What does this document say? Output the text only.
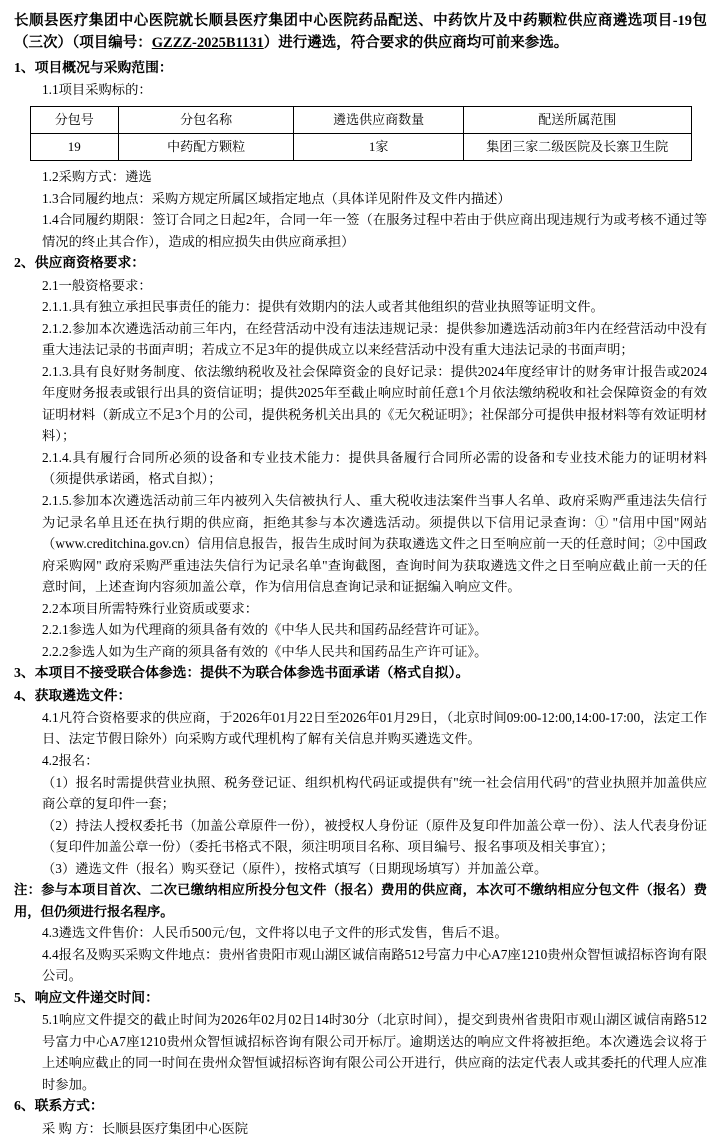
长顺县医疗集团中心医院就长顺县医疗集团中心医院药品配送、中药饮片及中药颗粒供应商遴选项目-19包（三次）（项目编号：GZZZ-2025B1131）进行遴选，符合要求的供应商均可前来参选。

1、项目概况与采购范围：

1.1项目采购标的：

分包号	分包名称	遴选供应商数量	配送所属范围
19	中药配方颗粒	1家	集团三家二级医院及长寨卫生院

1.2采购方式：遴选

1.3合同履约地点：采购方规定所属区域指定地点（具体详见附件及文件内描述）

1.4合同履约期限：签订合同之日起2年，合同一年一签（在服务过程中若由于供应商出现违规行为或考核不通过等情况的终止其合作），造成的相应损失由供应商承担）

2、供应商资格要求：

2.1一般资格要求：

2.1.1.具有独立承担民事责任的能力：提供有效期内的法人或者其他组织的营业执照等证明文件。

2.1.2.参加本次遴选活动前三年内，在经营活动中没有违法违规记录：提供参加遴选活动前3年内在经营活动中没有重大违法记录的书面声明；若成立不足3年的提供成立以来经营活动中没有重大违法记录的书面声明；

2.1.3.具有良好财务制度、依法缴纳税收及社会保障资金的良好记录：提供2024年度经审计的财务审计报告或2024年度财务报表或银行出具的资信证明；提供2025年至截止响应时前任意1个月依法缴纳税收和社会保障资金的有效证明材料（新成立不足3个月的公司，提供税务机关出具的《无欠税证明》；社保部分可提供申报材料等有效证明材料）；

2.1.4.具有履行合同所必须的设备和专业技术能力：提供具备履行合同所必需的设备和专业技术能力的证明材料（须提供承诺函，格式自拟）；

2.1.5.参加本次遴选活动前三年内被列入失信被执行人、重大税收违法案件当事人名单、政府采购严重违法失信行为记录名单且还在执行期的供应商，拒绝其参与本次遴选活动。须提供以下信用记录查询：① "信用中国"网站（www.creditchina.gov.cn）信用信息报告，报告生成时间为获取遴选文件之日至响应前一天的任意时间；②中国政府采购网" 政府采购严重违法失信行为记录名单"查询截图，查询时间为获取遴选文件之日至响应截止前一天的任意时间，上述查询内容须加盖公章，作为信用信息查询记录和证据编入响应文件。

2.2本项目所需特殊行业资质或要求：

2.2.1参选人如为代理商的须具备有效的《中华人民共和国药品经营许可证》。

2.2.2参选人如为生产商的须具备有效的《中华人民共和国药品生产许可证》。

3、本项目不接受联合体参选：提供不为联合体参选书面承诺（格式自拟）。

4、获取遴选文件：

4.1凡符合资格要求的供应商，于2026年01月22日至2026年01月29日，（北京时间09:00-12:00,14:00-17:00，法定工作日、法定节假日除外）向采购方或代理机构了解有关信息并购买遴选文件。

4.2报名：

（1）报名时需提供营业执照、税务登记证、组织机构代码证或提供有"统一社会信用代码"的营业执照并加盖供应商公章的复印件一套；

（2）持法人授权委托书（加盖公章原件一份），被授权人身份证（原件及复印件加盖公章一份）、法人代表身份证（复印件加盖公章一份）（委托书格式不限，须注明项目名称、项目编号、报名事项及相关事宜）；

（3）遴选文件（报名）购买登记（原件），按格式填写（日期现场填写）并加盖公章。

注：参与本项目首次、二次已缴纳相应所投分包文件（报名）费用的供应商，本次可不缴纳相应分包文件（报名）费用，但仍须进行报名程序。

4.3遴选文件售价：人民币500元/包，文件将以电子文件的形式发售，售后不退。

4.4报名及购买采购文件地点：贵州省贵阳市观山湖区诚信南路512号富力中心A7座1210贵州众智恒诚招标咨询有限公司。

5、响应文件递交时间：

5.1响应文件提交的截止时间为2026年02月02日14时30分（北京时间），提交到贵州省贵阳市观山湖区诚信南路512号富力中心A7座1210贵州众智恒诚招标咨询有限公司开标厅。逾期送达的响应文件将被拒绝。本次遴选会议将于上述响应截止的同一时间在贵州众智恒诚招标咨询有限公司公开进行，供应商的法定代表人或其委托的代理人应准时参加。

6、联系方式：

采 购 方：长顺县医疗集团中心医院
